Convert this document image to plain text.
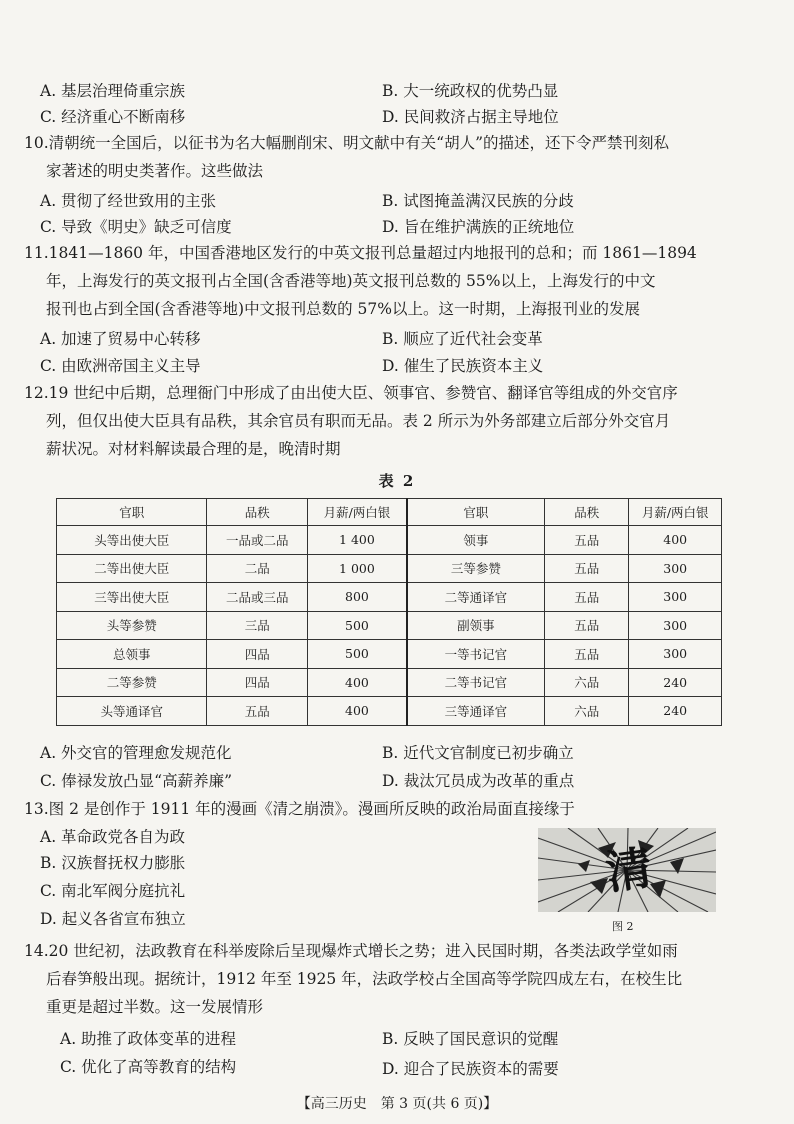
A. 基层治理倚重宗族	B. 大一统政权的优势凸显
C. 经济重心不断南移	D. 民间救济占据主导地位
10.清朝统一全国后，以征书为名大幅删削宋、明文献中有关“胡人”的描述，还下令严禁刊刻私
家著述的明史类著作。这些做法
A. 贯彻了经世致用的主张	B. 试图掩盖满汉民族的分歧
C. 导致《明史》缺乏可信度	D. 旨在维护满族的正统地位
11.1841—1860 年，中国香港地区发行的中英文报刊总量超过内地报刊的总和；而 1861—1894
年，上海发行的英文报刊占全国(含香港等地)英文报刊总数的 55%以上，上海发行的中文
报刊也占到全国(含香港等地)中文报刊总数的 57%以上。这一时期，上海报刊业的发展
A. 加速了贸易中心转移	B. 顺应了近代社会变革
C. 由欧洲帝国主义主导	D. 催生了民族资本主义
12.19 世纪中后期，总理衙门中形成了由出使大臣、领事官、参赞官、翻译官等组成的外交官序
列，但仅出使大臣具有品秩，其余官员有职而无品。表 2 所示为外务部建立后部分外交官月
薪状况。对材料解读最合理的是，晚清时期
表 2
官职	品秩	月薪/两白银	官职	品秩	月薪/两白银
头等出使大臣	一品或二品	1 400	领事	五品	400
二等出使大臣	二品	1 000	三等参赞	五品	300
三等出使大臣	二品或三品	800	二等通译官	五品	300
头等参赞	三品	500	副领事	五品	300
总领事	四品	500	一等书记官	五品	300
二等参赞	四品	400	二等书记官	六品	240
头等通译官	五品	400	三等通译官	六品	240
A. 外交官的管理愈发规范化	B. 近代文官制度已初步确立
C. 俸禄发放凸显“高薪养廉”	D. 裁汰冗员成为改革的重点
13.图 2 是创作于 1911 年的漫画《清之崩溃》。漫画所反映的政治局面直接缘于
A. 革命政党各自为政
B. 汉族督抚权力膨胀
C. 南北军阀分庭抗礼
D. 起义各省宣布独立
清
图 2
14.20 世纪初，法政教育在科举废除后呈现爆炸式增长之势；进入民国时期，各类法政学堂如雨
后春笋般出现。据统计，1912 年至 1925 年，法政学校占全国高等学院四成左右，在校生比
重更是超过半数。这一发展情形
A. 助推了政体变革的进程	B. 反映了国民意识的觉醒
C. 优化了高等教育的结构	D. 迎合了民族资本的需要
【高三历史　第 3 页(共 6 页)】
